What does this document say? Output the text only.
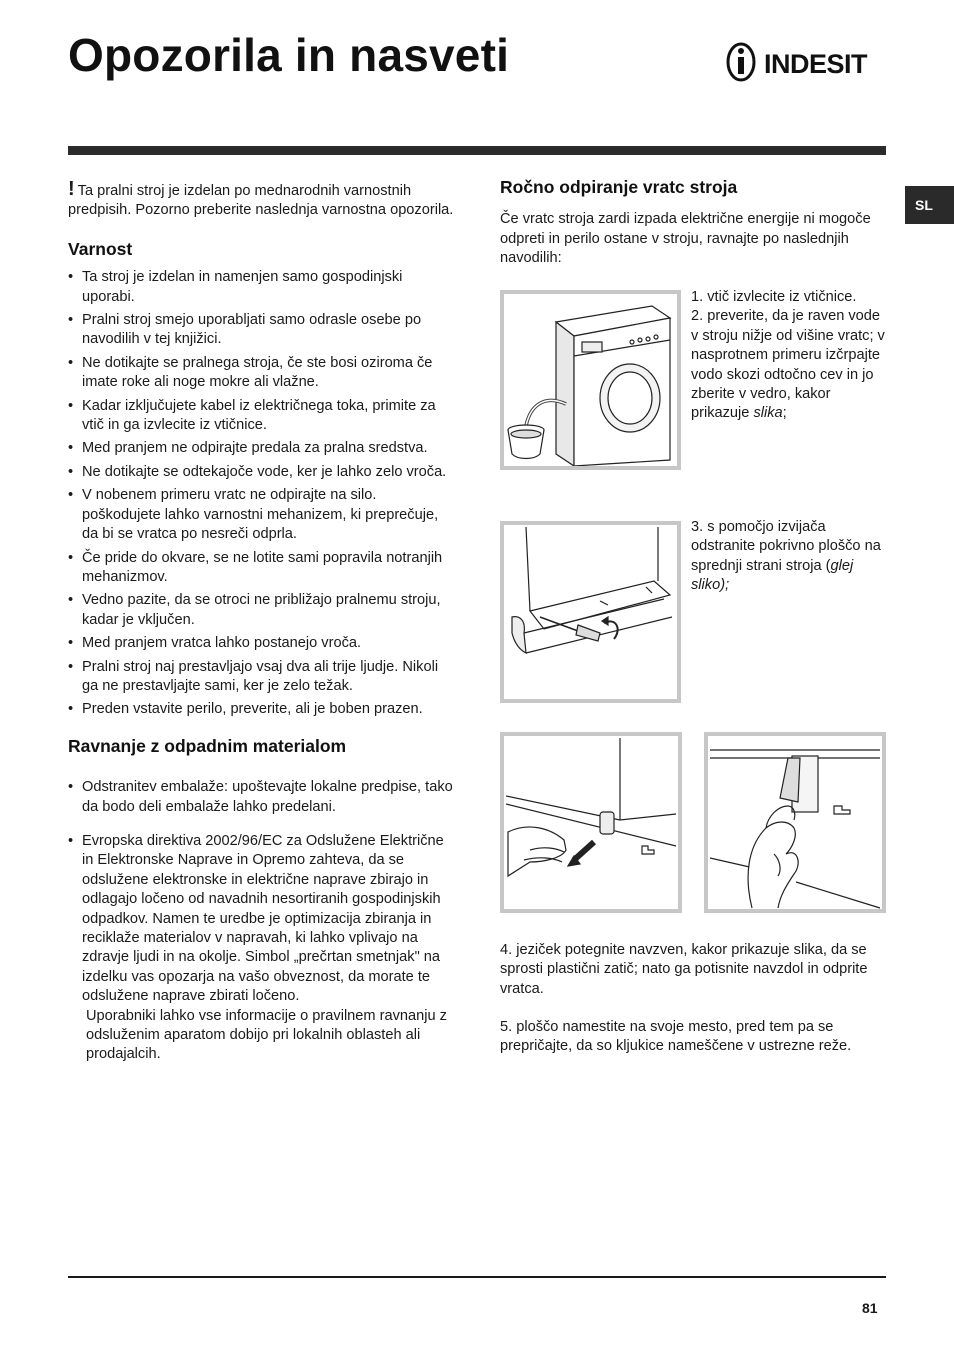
Opozorila in nasveti	INDESIT
SL

! Ta pralni stroj je izdelan po mednarodnih varnostnih predpisih. Pozorno preberite naslednja varnostna opozorila.

Varnost
• Ta stroj je izdelan in namenjen samo gospodinjski uporabi.
• Pralni stroj smejo uporabljati samo odrasle osebe po navodilih v tej knjižici.
• Ne dotikajte se pralnega stroja, če ste bosi oziroma če imate roke ali noge mokre ali vlažne.
• Kadar izključujete kabel iz električnega toka, primite za vtič in ga izvlecite iz vtičnice.
• Med pranjem ne odpirajte predala za pralna sredstva.
• Ne dotikajte se odtekajoče vode, ker je lahko zelo vroča.
• V nobenem primeru vratc ne odpirajte na silo. poškodujete lahko varnostni mehanizem, ki preprečuje, da bi se vratca po nesreči odprla.
• Če pride do okvare, se ne lotite sami popravila notranjih mehanizmov.
• Vedno pazite, da se otroci ne približajo pralnemu stroju, kadar je vključen.
• Med pranjem vratca lahko postanejo vroča.
• Pralni stroj naj prestavljajo vsaj dva ali trije ljudje. Nikoli ga ne prestavljajte sami, ker je zelo težak.
• Preden vstavite perilo, preverite, ali je boben prazen.
Ravnanje z odpadnim materialom
• Odstranitev embalaže: upoštevajte lokalne predpise, tako da bodo deli embalaže lahko predelani.
• Evropska direktiva 2002/96/EC za Odslužene Električne in Elektronske Naprave in Opremo zahteva, da se odslužene elektronske in električne naprave zbirajo in odlagajo ločeno od navadnih nesortiranih gospodinjskih odpadkov. Namen te uredbe je optimizacija zbiranja in reciklaže materialov v napravah, ki lahko vplivajo na zdravje ljudi in na okolje. Simbol „prečrtan smetnjak" na izdelku vas opozarja na vašo obveznost, da morate te odslužene naprave zbirati ločeno.
Uporabniki lahko vse informacije o pravilnem ravnanju z odsluženim aparatom dobijo pri lokalnih oblasteh ali prodajalcih.
Ročno odpiranje vratc stroja

Če vratc stroja zardi izpada električne energije ni mogoče odpreti in perilo ostane v stroju, ravnajte po naslednjih navodilih:

1. vtič izvlecite iz vtičnice.
2. preverite, da je raven vode v stroju nižje od višine vratc; v nasprotnem primeru izčrpajte vodo skozi odtočno cev in jo zberite v vedro, kakor prikazuje slika;
3. s pomočjo izvijača odstranite pokrivno ploščo na sprednji strani stroja (glej sliko);
4. jeziček potegnite navzven, kakor prikazuje slika, da se sprosti plastični zatič; nato ga potisnite navzdol in odprite vratca.
5. ploščo namestite na svoje mesto, pred tem pa se prepričajte, da so kljukice nameščene v ustrezne reže.
81
